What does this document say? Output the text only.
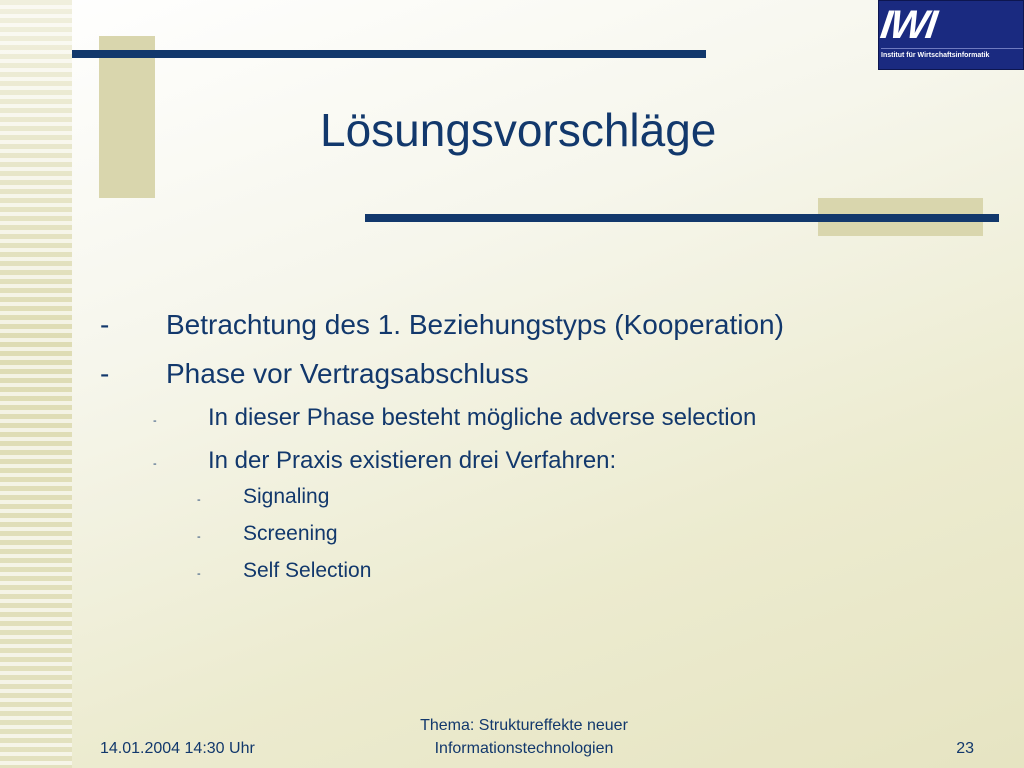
IWI
Institut für Wirtschaftsinformatik
Lösungsvorschläge
- Betrachtung des 1. Beziehungstyps (Kooperation)
- Phase vor Vertragsabschluss
- In dieser Phase besteht mögliche adverse selection
- In der Praxis existieren drei Verfahren:
- Signaling
- Screening
- Self Selection
14.01.2004 14:30 Uhr
Thema: Struktureffekte neuer
Informationstechnologien	23
